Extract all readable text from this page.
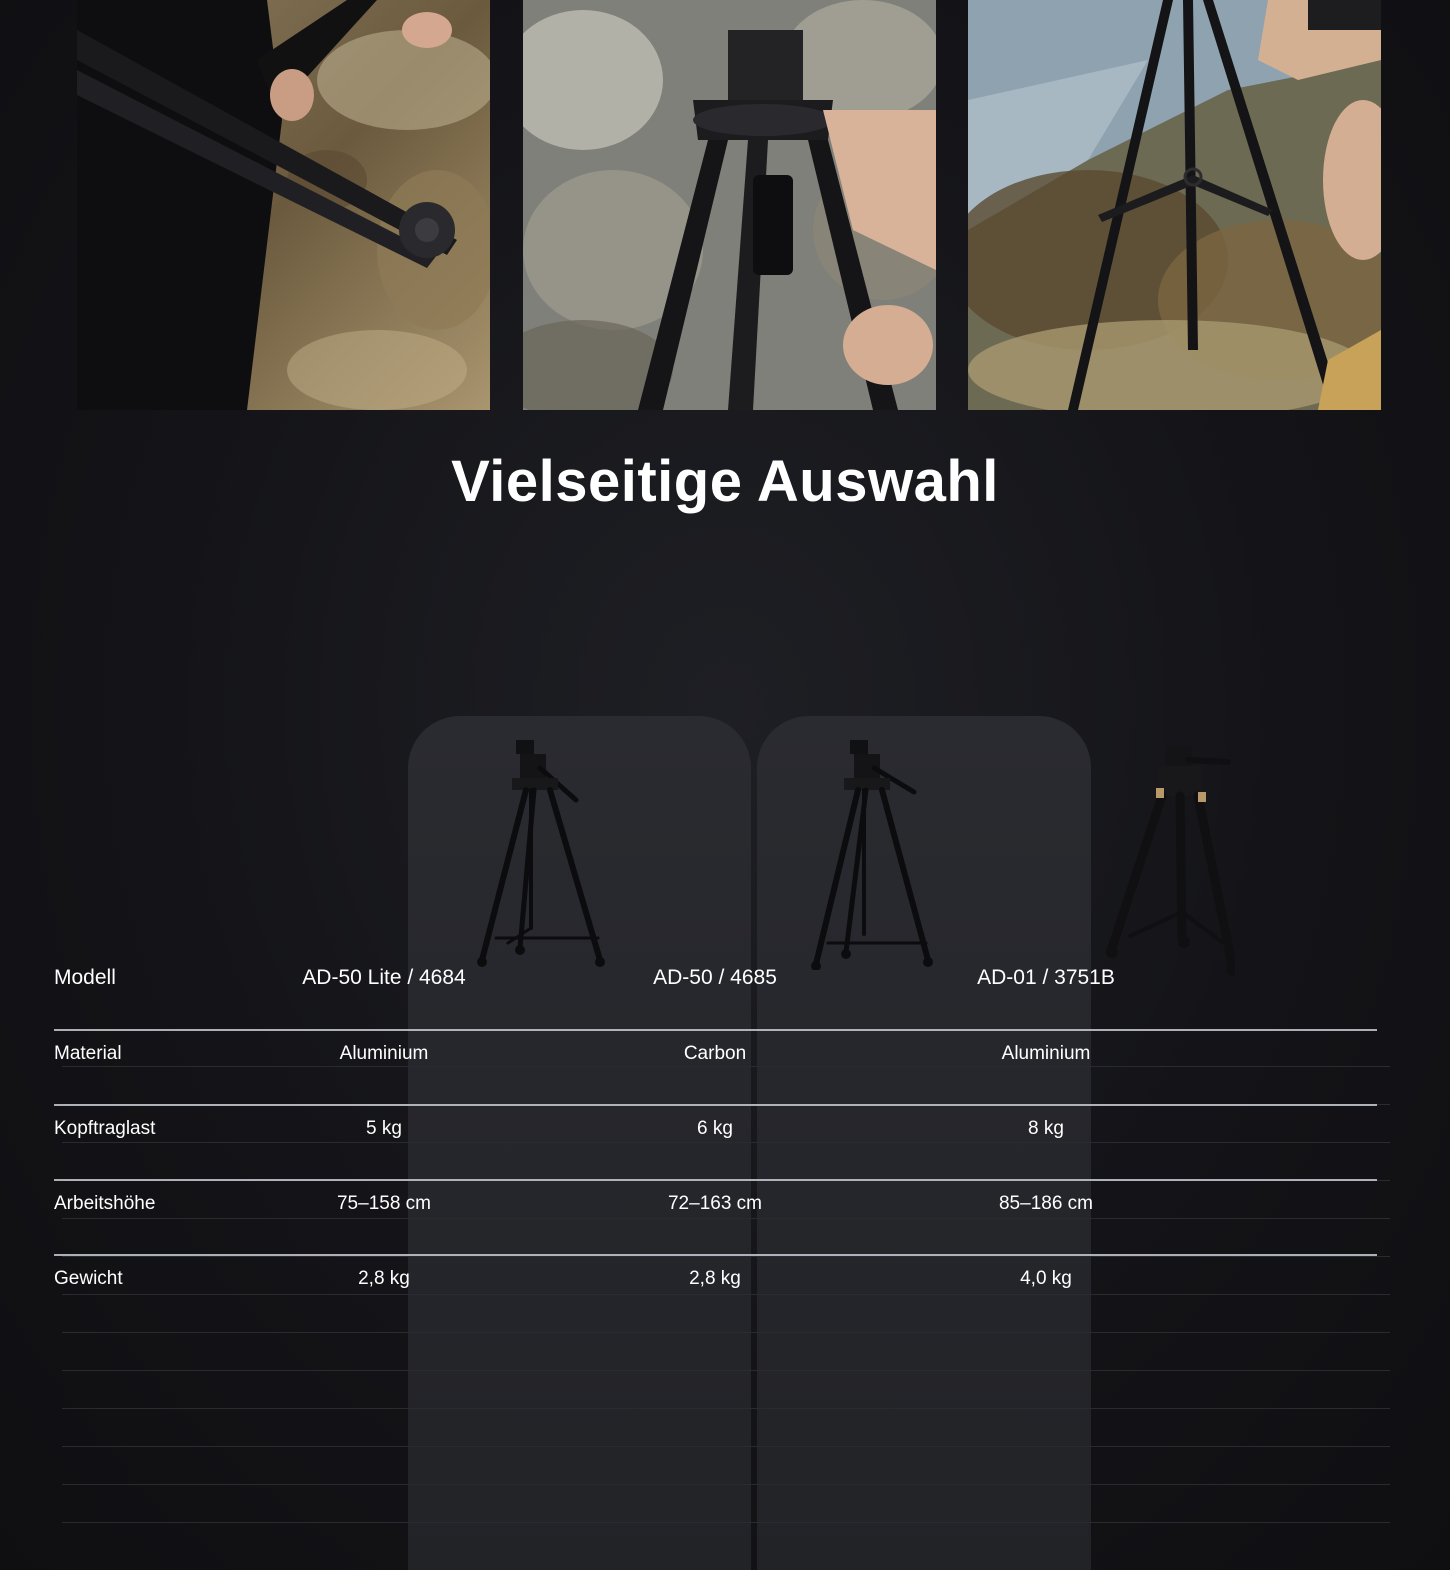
Vielseitige Auswahl
Modell	AD-50 Lite / 4684	AD-50 / 4685	AD-01 / 3751B
Material	Aluminium	Carbon	Aluminium
Kopftraglast	5 kg	6 kg	8 kg
Arbeitshöhe	75–158 cm	72–163 cm	85–186 cm
Gewicht	2,8 kg	2,8 kg	4,0 kg
